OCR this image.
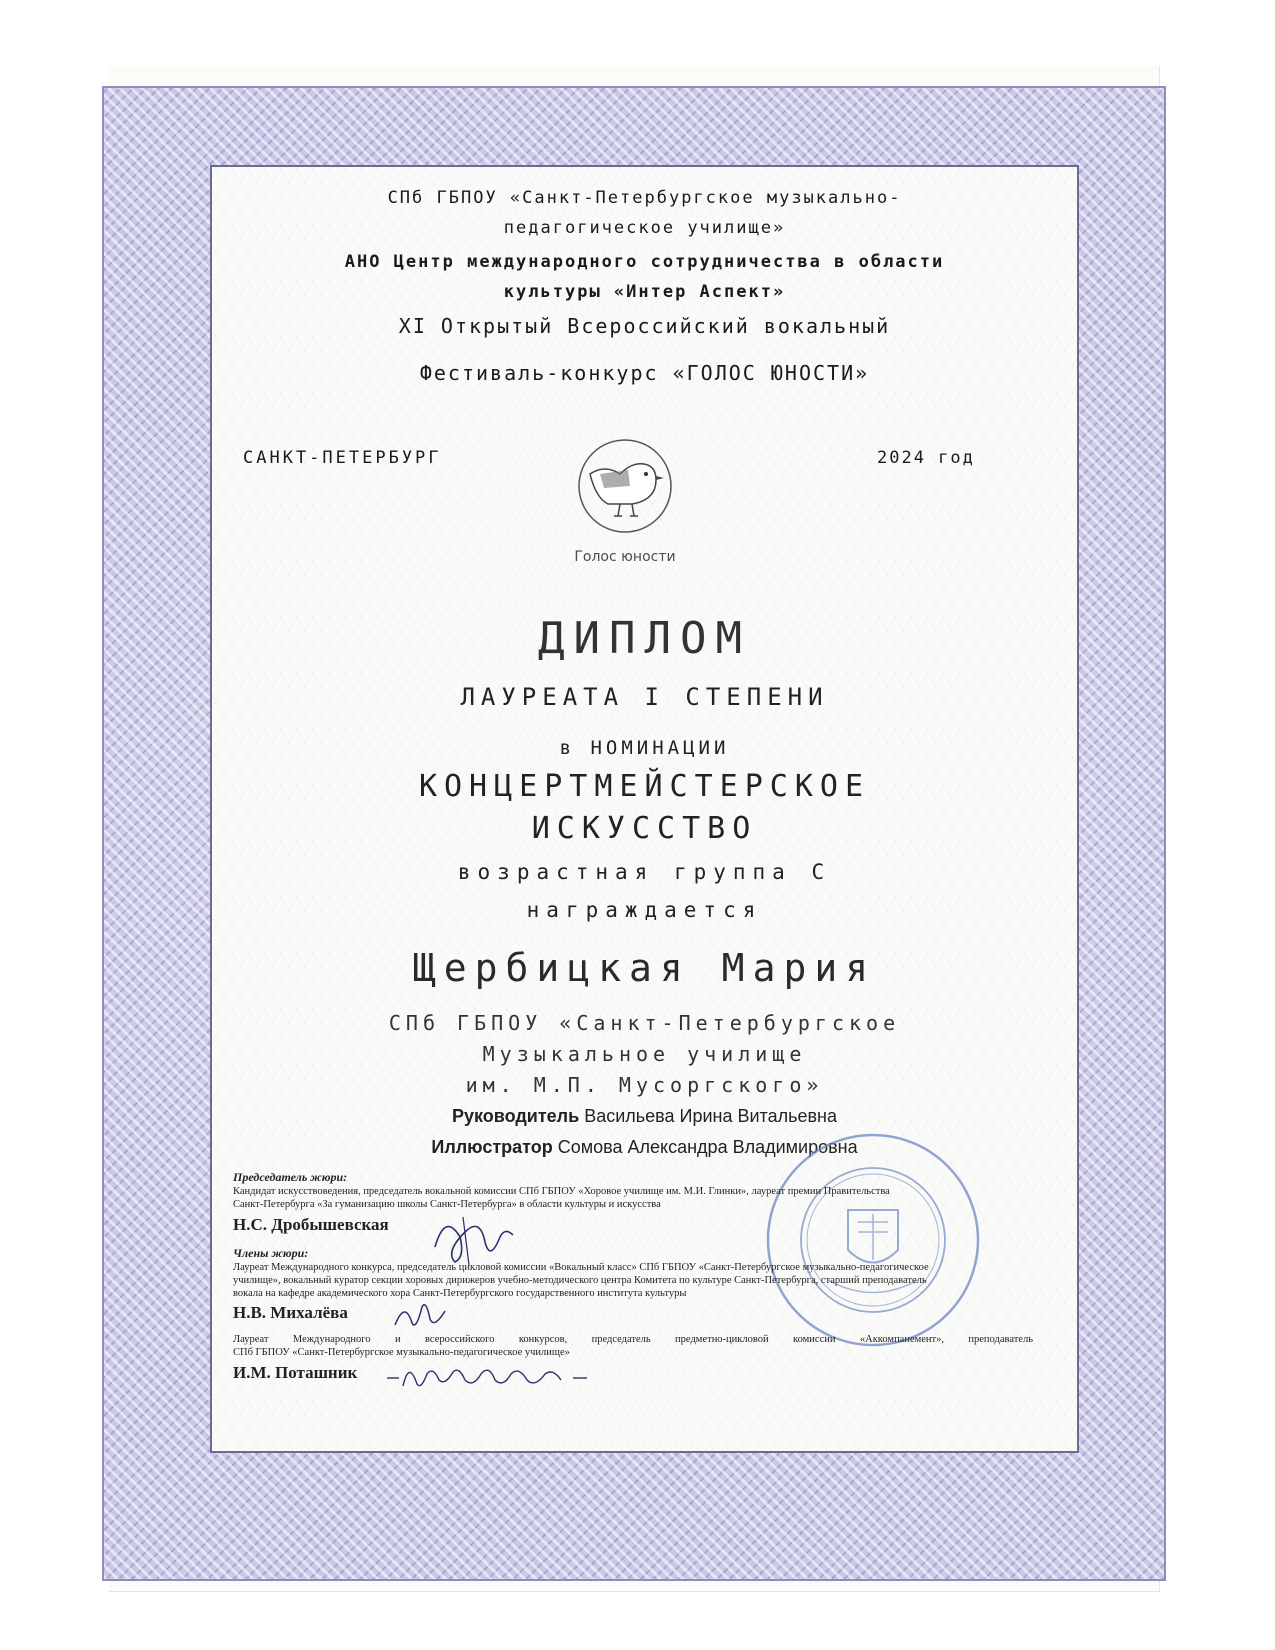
СПб ГБПОУ «Санкт-Петербургское музыкально-
педагогическое училище»
АНО Центр международного сотрудничества в области
культуры «Интер Аспект»
XI Открытый Всероссийский вокальный
Фестиваль-конкурс «ГОЛОС ЮНОСТИ»
САНКТ-ПЕТЕРБУРГ	2024 год
Голос юности
ДИПЛОМ
ЛАУРЕАТА I СТЕПЕНИ
в НОМИНАЦИИ
КОНЦЕРТМЕЙСТЕРСКОЕ
ИСКУССТВО
возрастная группа С
награждается
Щербицкая Мария
СПб ГБПОУ «Санкт-Петербургское
Музыкальное училище
им. М.П. Мусоргского»
Руководитель Васильева Ирина Витальевна
Иллюстратор Сомова Александра Владимировна
Председатель жюри:
Кандидат искусствоведения, председатель вокальной комиссии СПб ГБПОУ «Хоровое училище им. М.И. Глинки», лауреат премии Правительства
Санкт-Петербурга «За гуманизацию школы Санкт-Петербурга» в области культуры и искусства
Н.С. Дробышевская
Члены жюри:
Лауреат Международного конкурса, председатель цикловой комиссии «Вокальный класс» СПб ГБПОУ «Санкт-Петербургское музыкально-педагогическое
училище», вокальный куратор секции хоровых дирижеров учебно-методического центра Комитета по культуре Санкт-Петербурга, старший преподаватель
вокала на кафедре академического хора Санкт-Петербургского государственного института культуры
Н.В. Михалёва
Лауреат Международного и всероссийского конкурсов, председатель предметно-цикловой комиссии «Аккомпанемент», преподаватель
СПб ГБПОУ «Санкт-Петербургское музыкально-педагогическое училище»
И.М. Поташник
